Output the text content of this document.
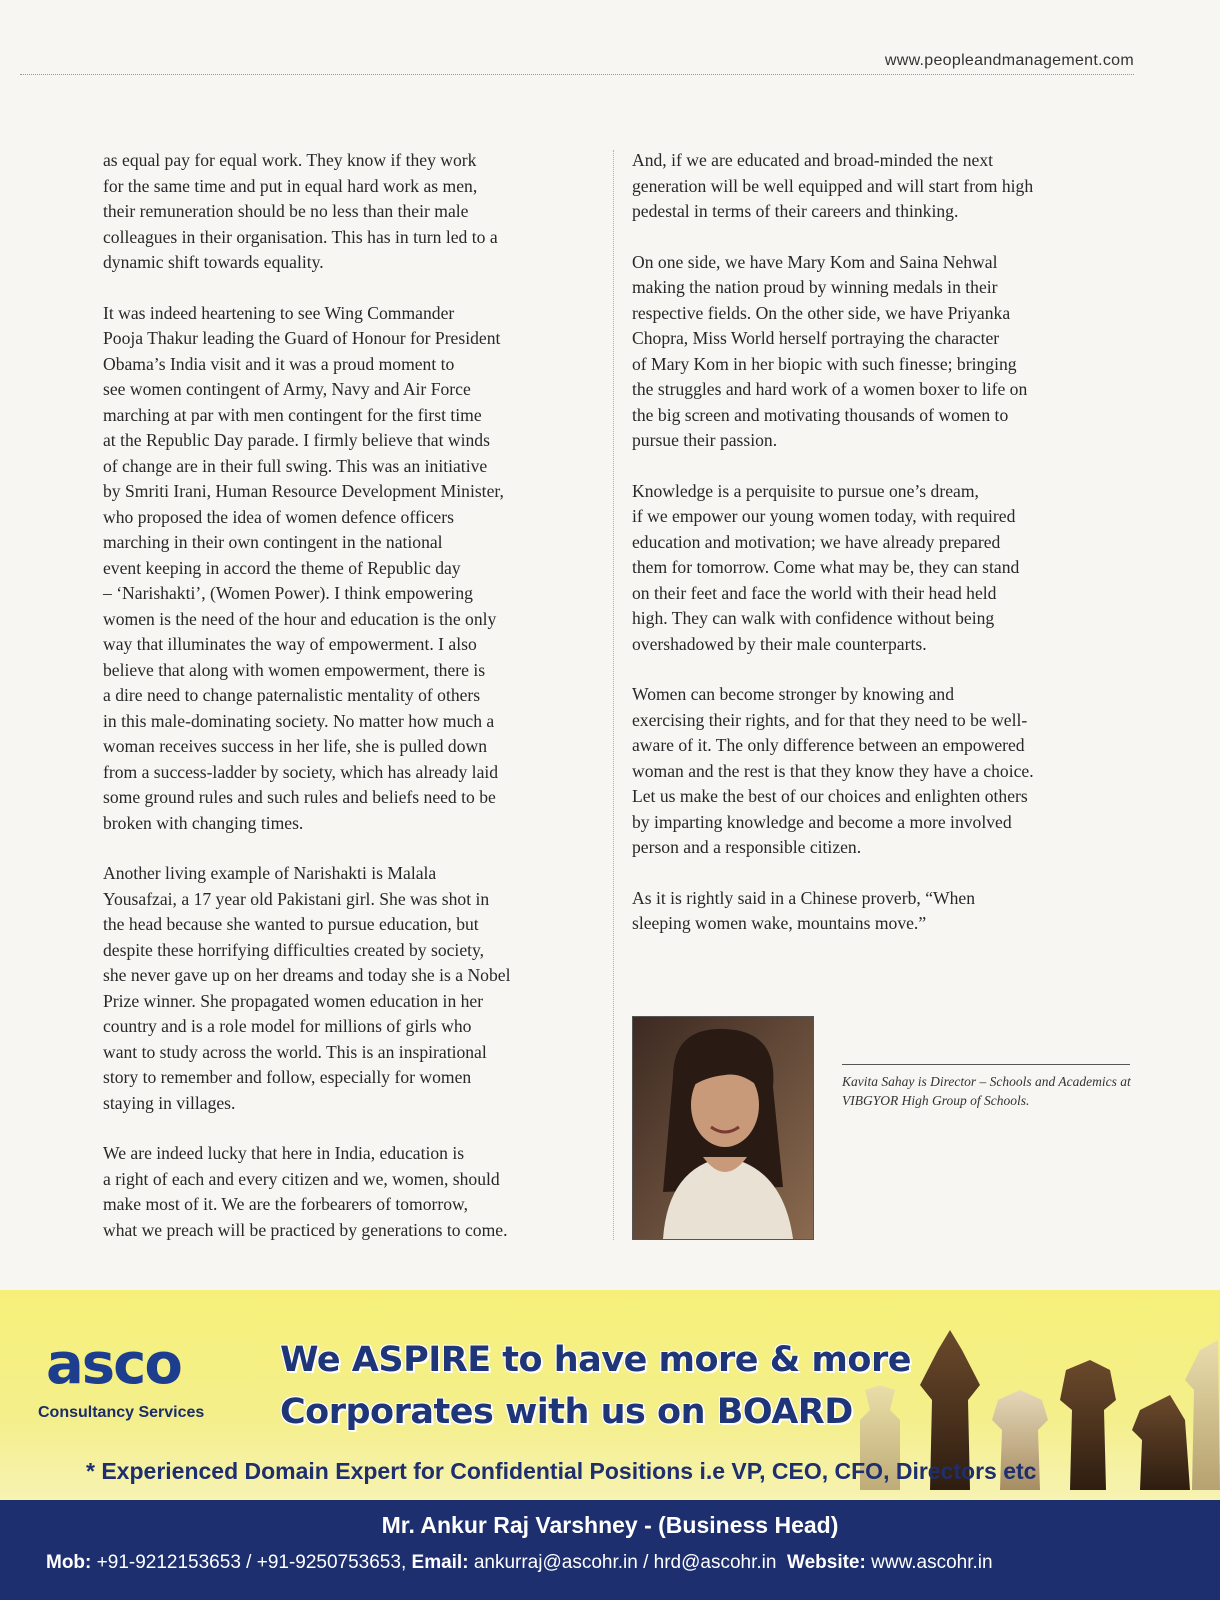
www.peopleandmanagement.com

as equal pay for equal work. They know if they work
for the same time and put in equal hard work as men,
their remuneration should be no less than their male
colleagues in their organisation. This has in turn led to a
dynamic shift towards equality.

It was indeed heartening to see Wing Commander
Pooja Thakur leading the Guard of Honour for President
Obama’s India visit and it was a proud moment to
see women contingent of Army, Navy and Air Force
marching at par with men contingent for the first time
at the Republic Day parade. I firmly believe that winds
of change are in their full swing. This was an initiative
by Smriti Irani, Human Resource Development Minister,
who proposed the idea of women defence officers
marching in their own contingent in the national
event keeping in accord the theme of Republic day
– ‘Narishakti’, (Women Power). I think empowering
women is the need of the hour and education is the only
way that illuminates the way of empowerment. I also
believe that along with women empowerment, there is
a dire need to change paternalistic mentality of others
in this male-dominating society. No matter how much a
woman receives success in her life, she is pulled down
from a success-ladder by society, which has already laid
some ground rules and such rules and beliefs need to be
broken with changing times.

Another living example of Narishakti is Malala
Yousafzai, a 17 year old Pakistani girl. She was shot in
the head because she wanted to pursue education, but
despite these horrifying difficulties created by society,
she never gave up on her dreams and today she is a Nobel
Prize winner. She propagated women education in her
country and is a role model for millions of girls who
want to study across the world. This is an inspirational
story to remember and follow, especially for women
staying in villages.

We are indeed lucky that here in India, education is
a right of each and every citizen and we, women, should
make most of it. We are the forbearers of tomorrow,
what we preach will be practiced by generations to come.

And, if we are educated and broad-minded the next
generation will be well equipped and will start from high
pedestal in terms of their careers and thinking.

On one side, we have Mary Kom and Saina Nehwal
making the nation proud by winning medals in their
respective fields. On the other side, we have Priyanka
Chopra, Miss World herself portraying the character
of Mary Kom in her biopic with such finesse; bringing
the struggles and hard work of a women boxer to life on
the big screen and motivating thousands of women to
pursue their passion.

Knowledge is a perquisite to pursue one’s dream,
if we empower our young women today, with required
education and motivation; we have already prepared
them for tomorrow. Come what may be, they can stand
on their feet and face the world with their head held
high. They can walk with confidence without being
overshadowed by their male counterparts.

Women can become stronger by knowing and
exercising their rights, and for that they need to be well-
aware of it. The only difference between an empowered
woman and the rest is that they know they have a choice.
Let us make the best of our choices and enlighten others
by imparting knowledge and become a more involved
person and a responsible citizen.

As it is rightly said in a Chinese proverb, “When
sleeping women wake, mountains move.”

Kavita Sahay is Director – Schools and Academics at VIBGYOR High Group of Schools.
asco
Consultancy Services
We ASPIRE to have more & more
Corporates with us on BOARD
* Experienced Domain Expert for Confidential Positions i.e VP, CEO, CFO, Directors etc
Mr. Ankur Raj Varshney - (Business Head)
Mob: +91-9212153653 / +91-9250753653, Email: ankurraj@ascohr.in / hrd@ascohr.in Website: www.ascohr.in
